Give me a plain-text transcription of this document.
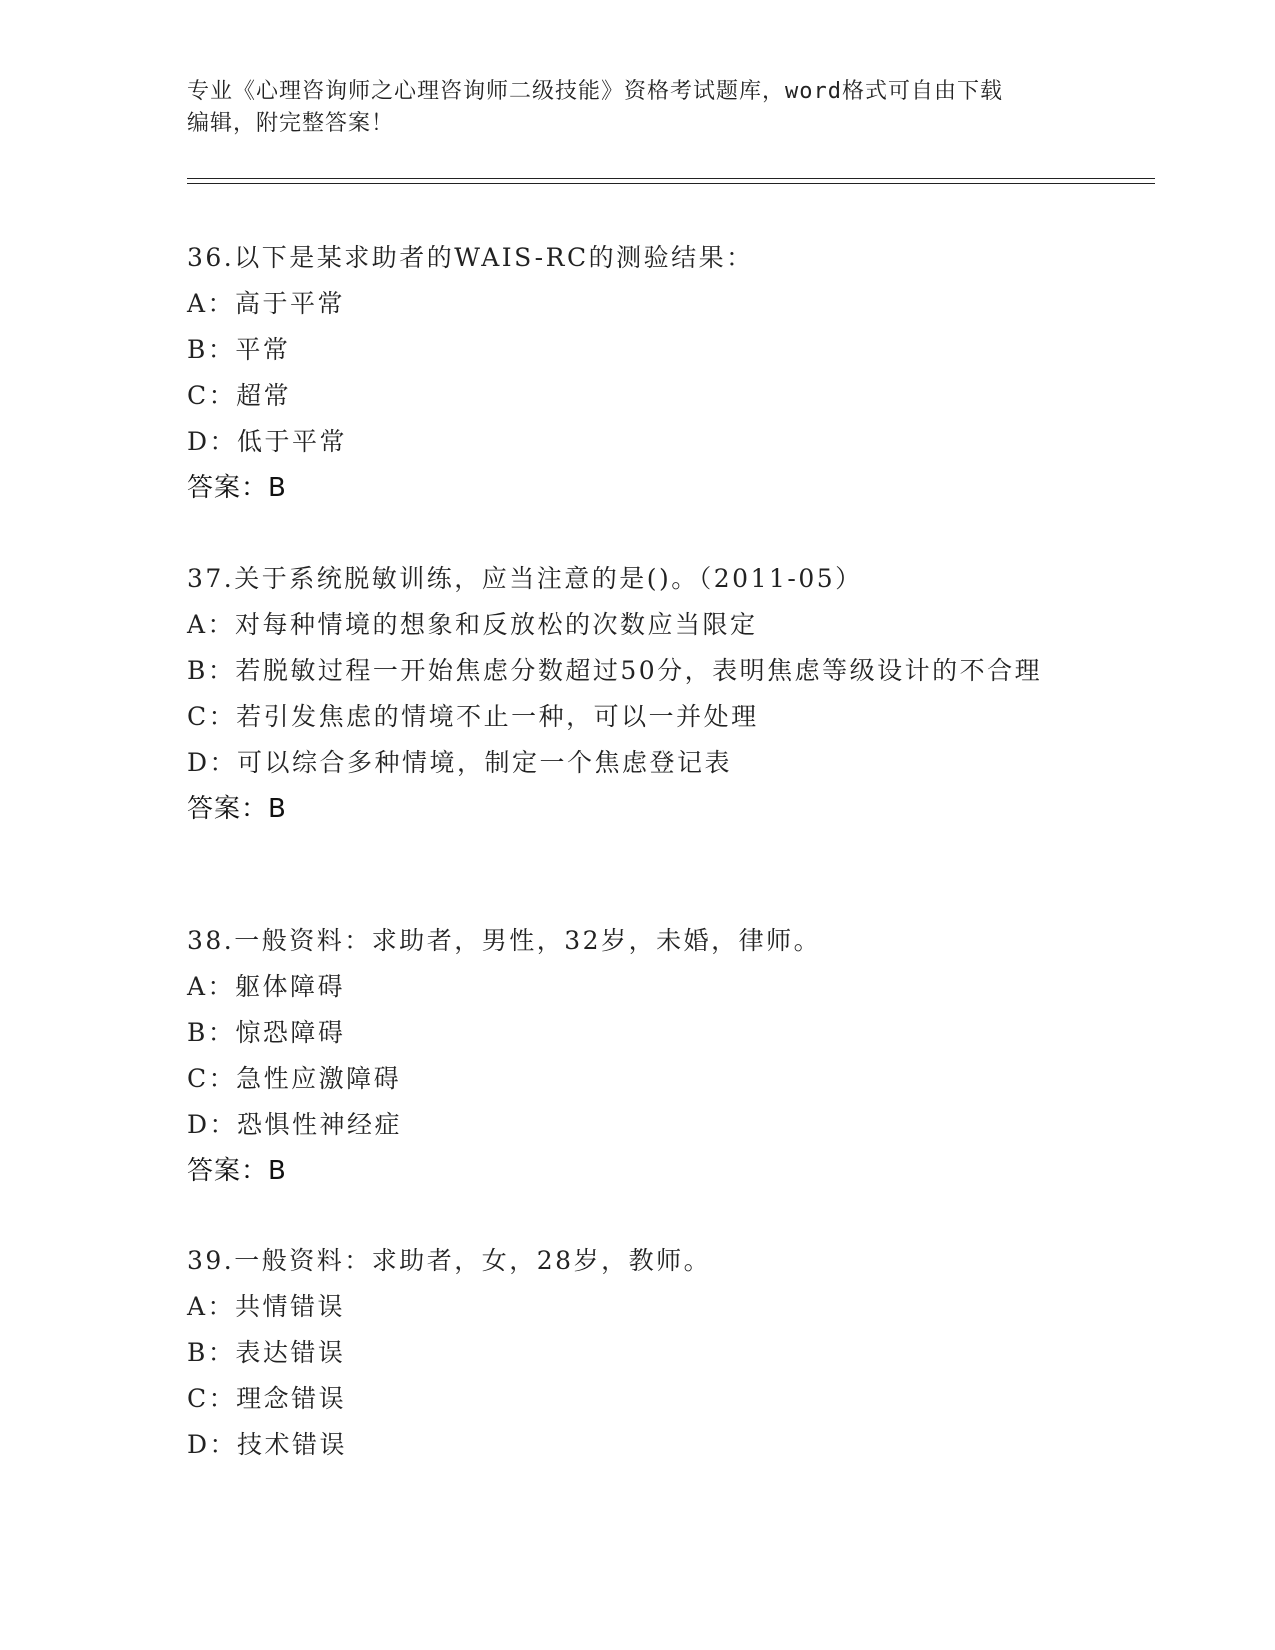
专业《心理咨询师之心理咨询师二级技能》资格考试题库，word格式可自由下载
编辑，附完整答案！

36.以下是某求助者的WAIS-RC的测验结果：

A：高于平常

B：平常

C：超常

D：低于平常

答案：B

37.关于系统脱敏训练，应当注意的是()。（2011-05）

A：对每种情境的想象和反放松的次数应当限定

B：若脱敏过程一开始焦虑分数超过50分，表明焦虑等级设计的不合理

C：若引发焦虑的情境不止一种，可以一并处理

D：可以综合多种情境，制定一个焦虑登记表

答案：B

38.一般资料：求助者，男性，32岁，未婚，律师。

A：躯体障碍

B：惊恐障碍

C：急性应激障碍

D：恐惧性神经症

答案：B

39.一般资料：求助者，女，28岁，教师。

A：共情错误

B：表达错误

C：理念错误

D：技术错误
